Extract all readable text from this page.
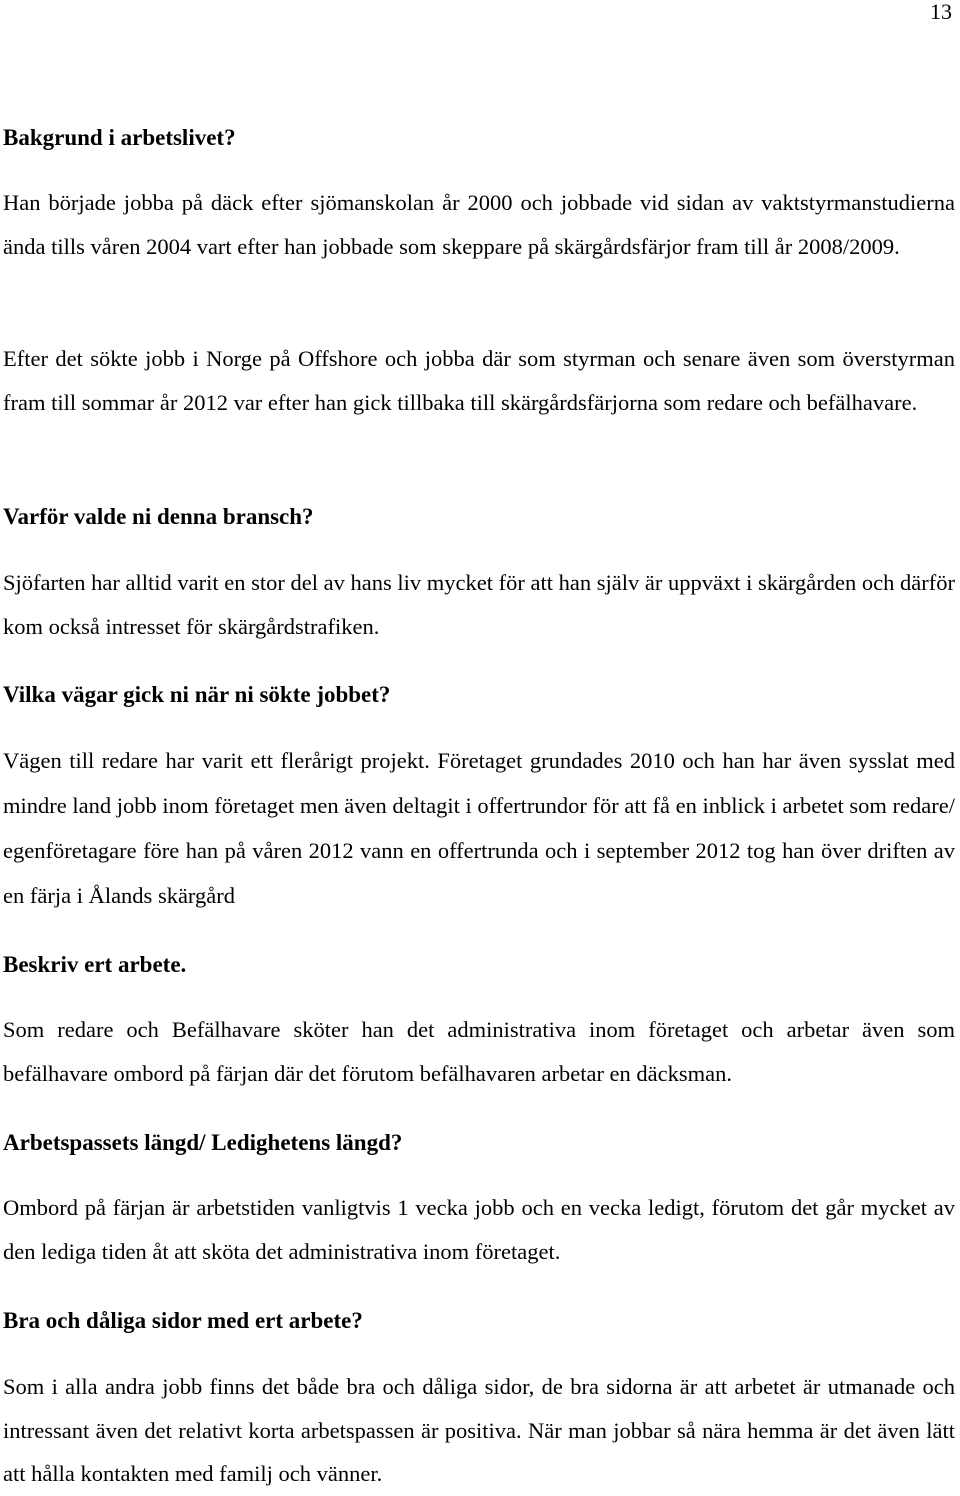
13
Bakgrund i arbetslivet?

Han började jobba på däck efter sjömanskolan år 2000 och jobbade vid sidan av vaktstyrmanstudierna ända tills våren 2004 vart efter han jobbade som skeppare på skärgårdsfärjor fram till år 2008/2009.

Efter det sökte jobb i Norge på Offshore och jobba där som styrman och senare även som överstyrman fram till sommar år 2012 var efter han gick tillbaka till skärgårdsfärjorna som redare och befälhavare.

Varför valde ni denna bransch?

Sjöfarten har alltid varit en stor del av hans liv mycket för att han själv är uppväxt i skärgården och därför kom också intresset för skärgårdstrafiken.

Vilka vägar gick ni när ni sökte jobbet?

Vägen till redare har varit ett flerårigt projekt. Företaget grundades 2010 och han har även sysslat med mindre land jobb inom företaget men även deltagit i offertrundor för att få en inblick i arbetet som redare/ egenföretagare före han på våren 2012 vann en offertrunda och i september 2012 tog han över driften av en färja i Ålands skärgård

Beskriv ert arbete.

Som redare och Befälhavare sköter han det administrativa inom företaget och arbetar även som befälhavare ombord på färjan där det förutom befälhavaren arbetar en däcksman.

Arbetspassets längd/ Ledighetens längd?

Ombord på färjan är arbetstiden vanligtvis 1 vecka jobb och en vecka ledigt, förutom det går mycket av den lediga tiden åt att sköta det administrativa inom företaget.

Bra och dåliga sidor med ert arbete?

Som i alla andra jobb finns det både bra och dåliga sidor, de bra sidorna är att arbetet är utmanade och intressant även det relativt korta arbetspassen är positiva. När man jobbar så nära hemma är det även lätt att hålla kontakten med familj och vänner.
